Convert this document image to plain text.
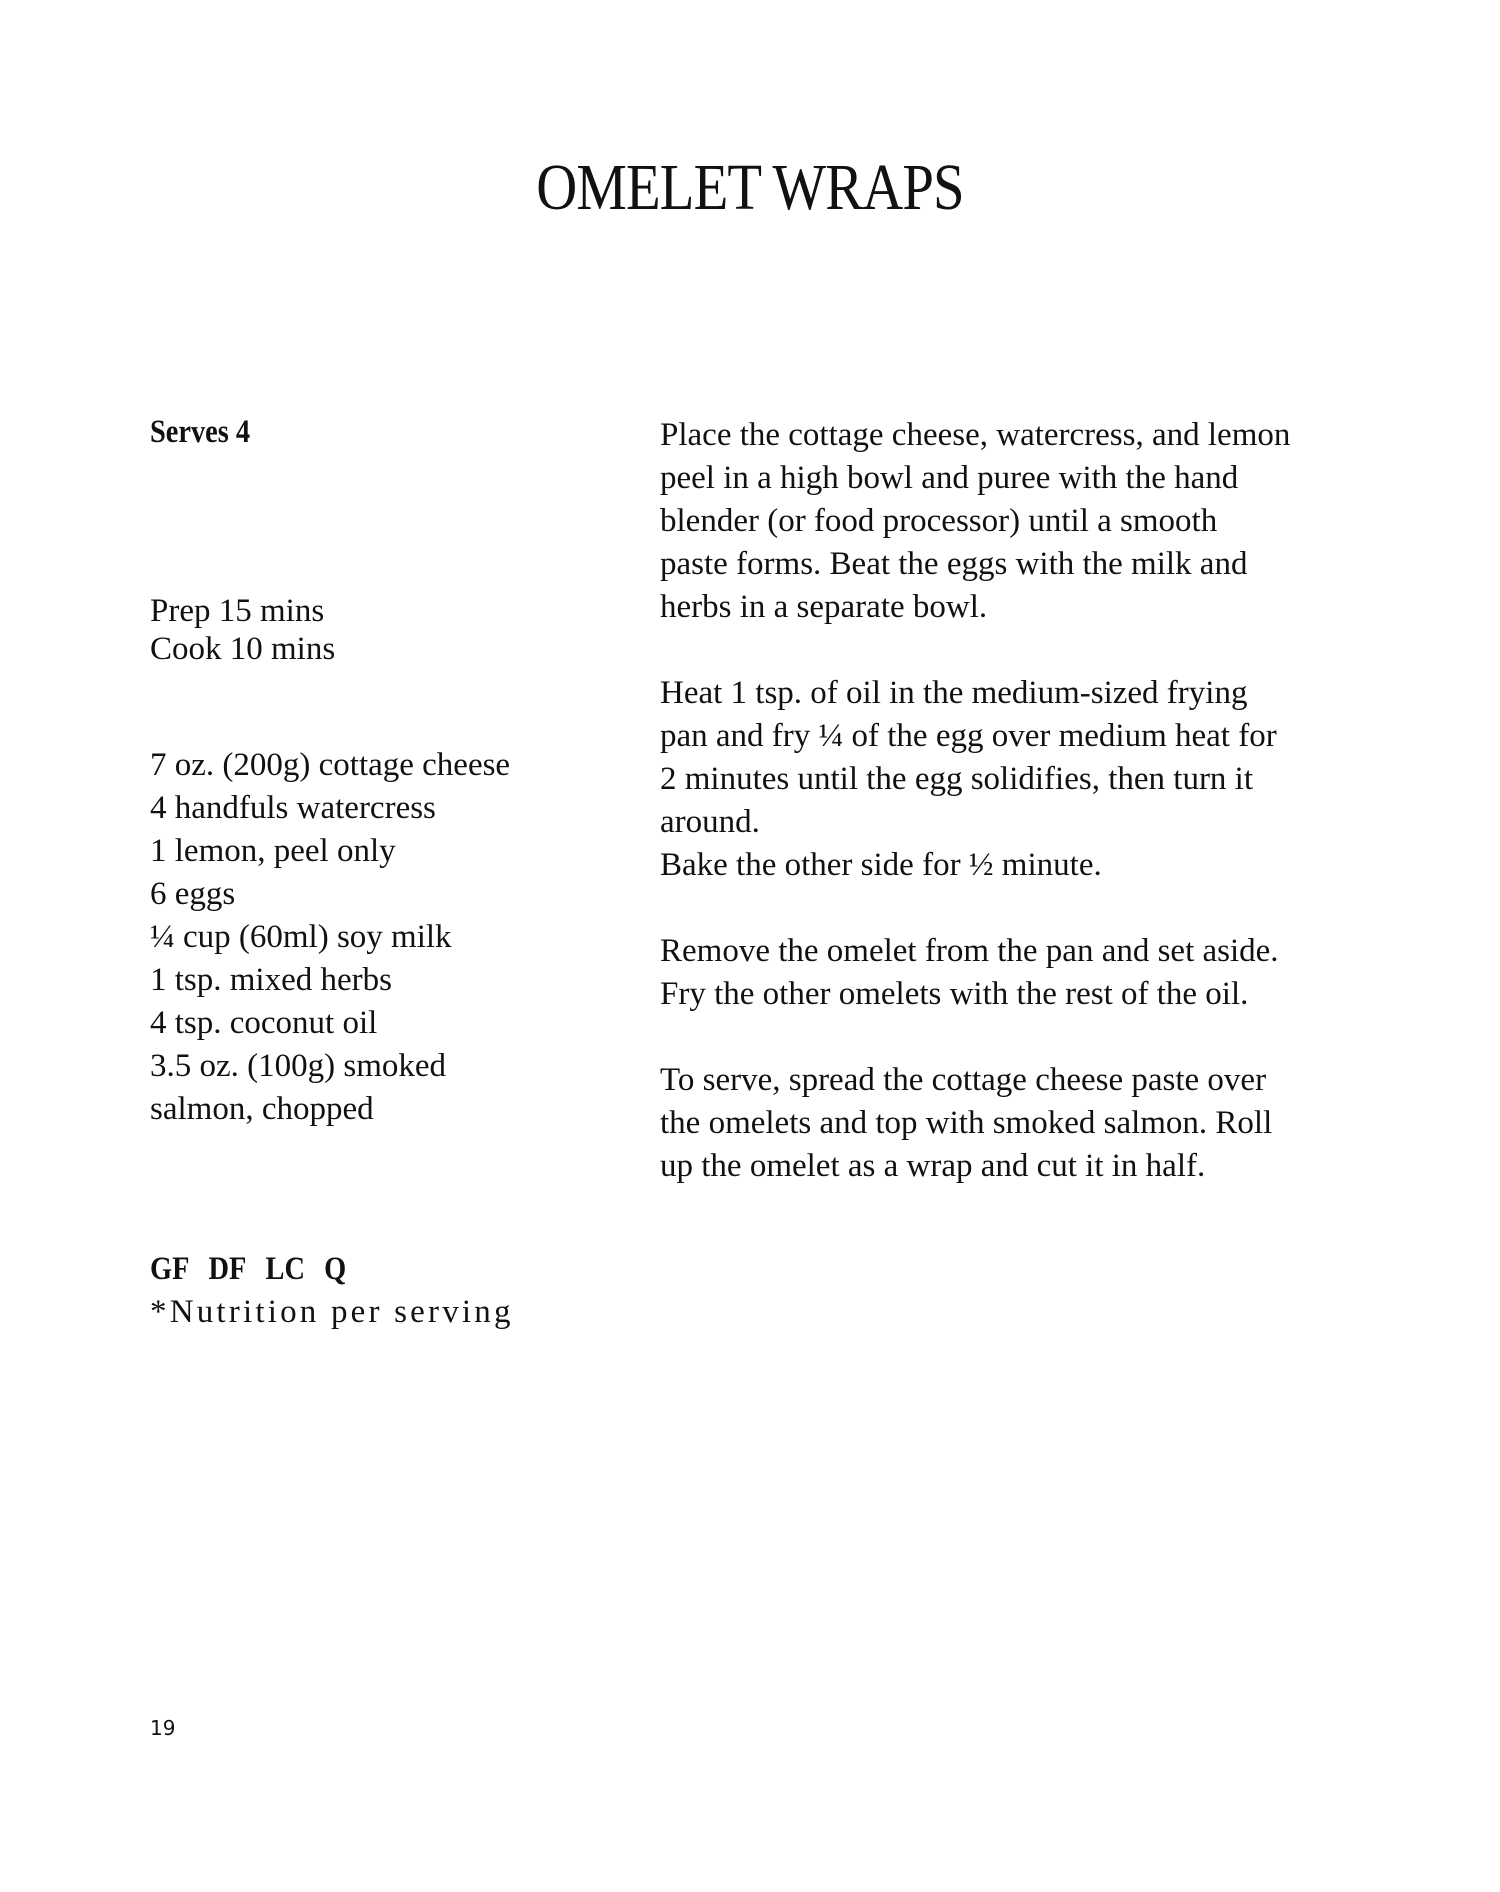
OMELET WRAPS
Serves 4
Prep 15 mins
Cook 10 mins
7 oz. (200g) cottage cheese
4 handfuls watercress
1 lemon, peel only
6 eggs
¼ cup (60ml) soy milk
1 tsp. mixed herbs
4 tsp. coconut oil
3.5 oz. (100g) smoked
salmon, chopped
GF DF LC Q
*Nutrition per serving

Place the cottage cheese, watercress, and lemon
peel in a high bowl and puree with the hand
blender (or food processor) until a smooth
paste forms. Beat the eggs with the milk and
herbs in a separate bowl.

Heat 1 tsp. of oil in the medium-sized frying
pan and fry ¼ of the egg over medium heat for
2 minutes until the egg solidifies, then turn it
around.
Bake the other side for ½ minute.

Remove the omelet from the pan and set aside.
Fry the other omelets with the rest of the oil.

To serve, spread the cottage cheese paste over
the omelets and top with smoked salmon. Roll
up the omelet as a wrap and cut it in half.

19
